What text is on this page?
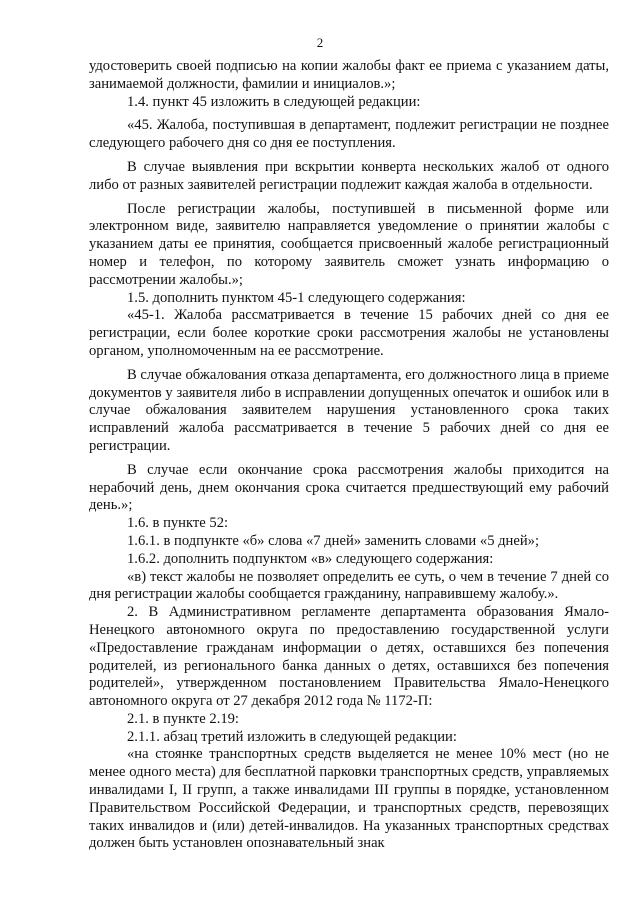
2

удостоверить своей подписью на копии жалобы факт ее приема с указанием даты, занимаемой должности, фамилии и инициалов.»;

1.4. пункт 45 изложить в следующей редакции:

«45. Жалоба, поступившая в департамент, подлежит регистрации не позднее следующего рабочего дня со дня ее поступления.

В случае выявления при вскрытии конверта нескольких жалоб от одного либо от разных заявителей регистрации подлежит каждая жалоба в отдельности.

После регистрации жалобы, поступившей в письменной форме или электронном виде, заявителю направляется уведомление о принятии жалобы с указанием даты ее принятия, сообщается присвоенный жалобе регистрационный номер и телефон, по которому заявитель сможет узнать информацию о рассмотрении жалобы.»;

1.5. дополнить пунктом 45-1 следующего содержания:

«45-1. Жалоба рассматривается в течение 15 рабочих дней со дня ее регистрации, если более короткие сроки рассмотрения жалобы не установлены органом, уполномоченным на ее рассмотрение.

В случае обжалования отказа департамента, его должностного лица в приеме документов у заявителя либо в исправлении допущенных опечаток и ошибок или в случае обжалования заявителем нарушения установленного срока таких исправлений жалоба рассматривается в течение 5 рабочих дней со дня ее регистрации.

В случае если окончание срока рассмотрения жалобы приходится на нерабочий день, днем окончания срока считается предшествующий ему рабочий день.»;

1.6. в пункте 52:

1.6.1. в подпункте «б» слова «7 дней» заменить словами «5 дней»;

1.6.2. дополнить подпунктом «в» следующего содержания:

«в) текст жалобы не позволяет определить ее суть, о чем в течение 7 дней со дня регистрации жалобы сообщается гражданину, направившему жалобу.».

2. В Административном регламенте департамента образования Ямало-Ненецкого автономного округа по предоставлению государственной услуги «Предоставление гражданам информации о детях, оставшихся без попечения родителей, из регионального банка данных о детях, оставшихся без попечения родителей», утвержденном постановлением Правительства Ямало-Ненецкого автономного округа от 27 декабря 2012 года № 1172-П:

2.1. в пункте 2.19:

2.1.1. абзац третий изложить в следующей редакции:

«на стоянке транспортных средств выделяется не менее 10% мест (но не менее одного места) для бесплатной парковки транспортных средств, управляемых инвалидами I, II групп, а также инвалидами III группы в порядке, установленном Правительством Российской Федерации, и транспортных средств, перевозящих таких инвалидов и (или) детей-инвалидов. На указанных транспортных средствах должен быть установлен опознавательный знак
